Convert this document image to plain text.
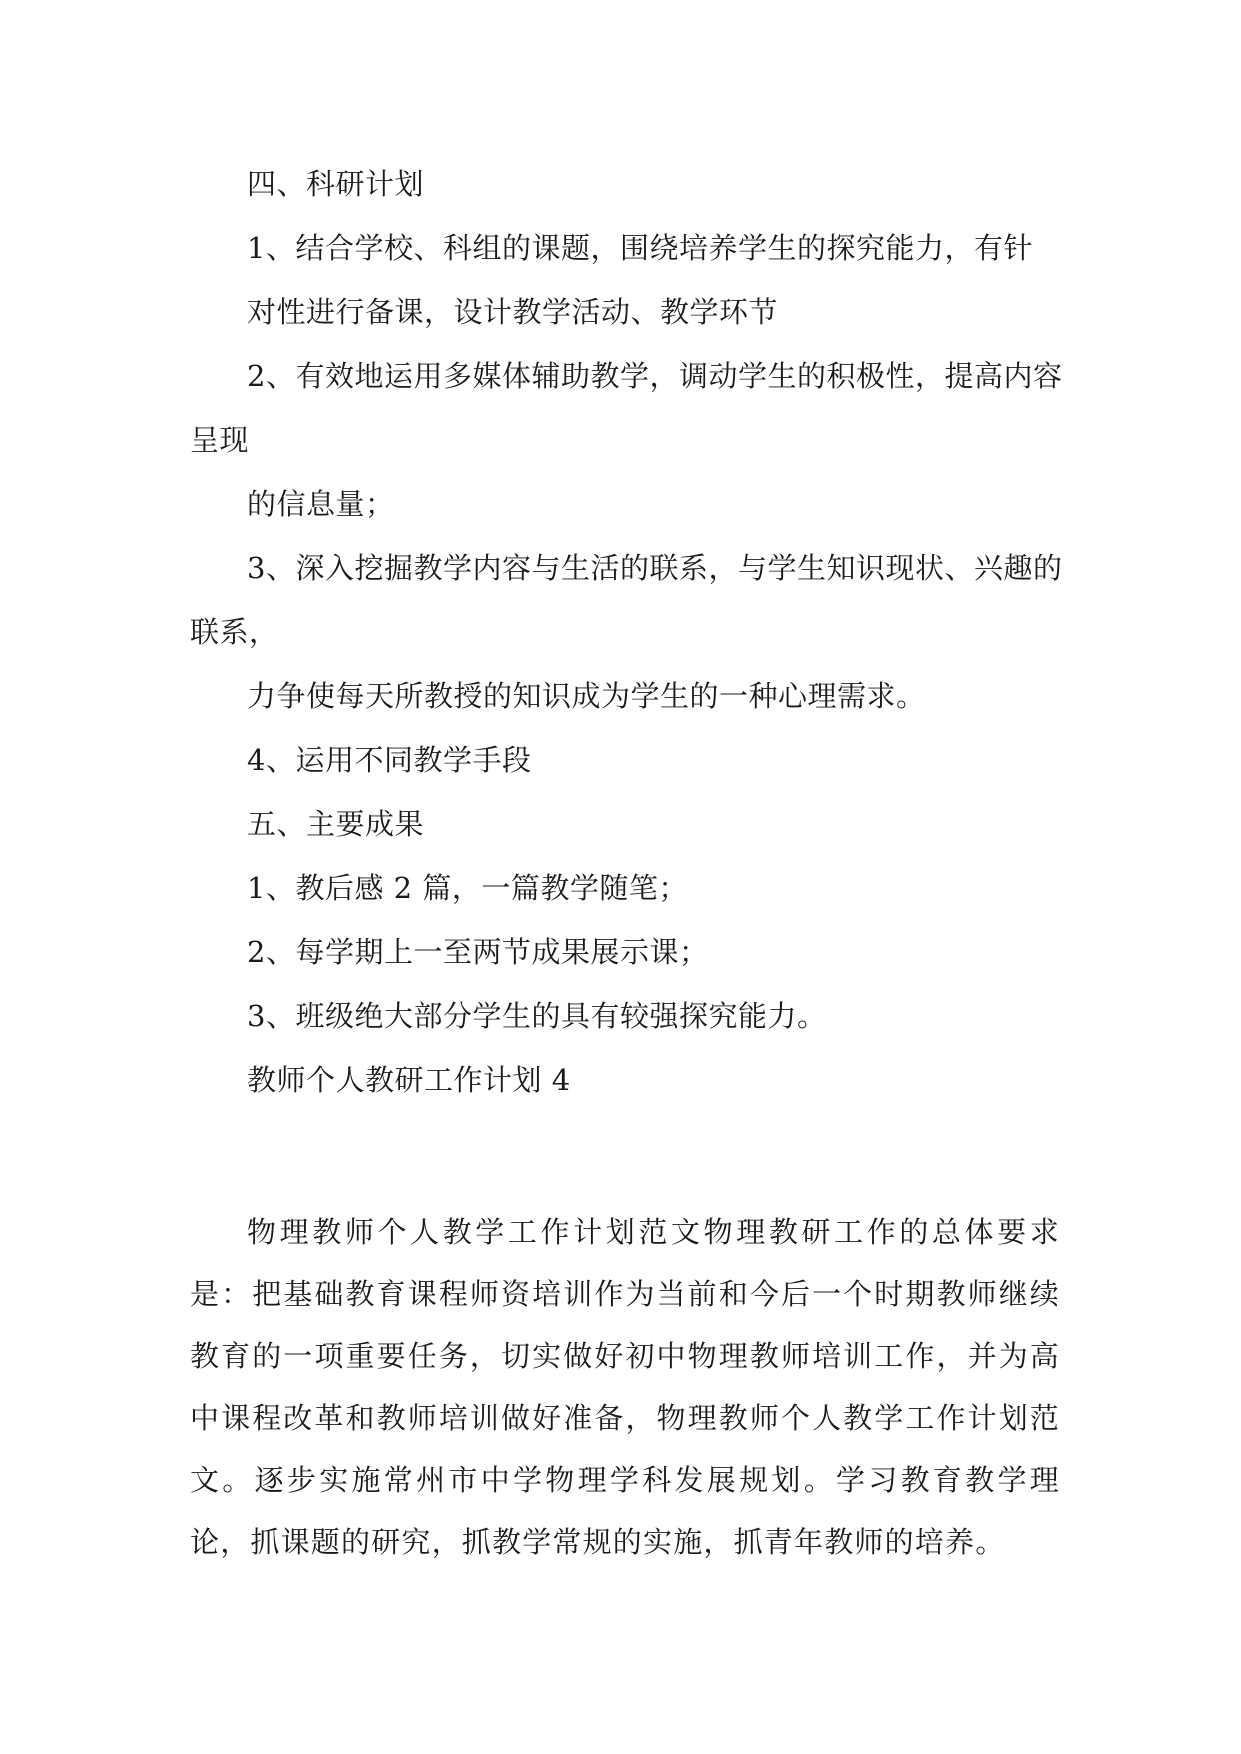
四、科研计划

1、结合学校、科组的课题，围绕培养学生的探究能力，有针

对性进行备课，设计教学活动、教学环节

2、有效地运用多媒体辅助教学，调动学生的积极性，提高内容

呈现

的信息量；

3、深入挖掘教学内容与生活的联系，与学生知识现状、兴趣的

联系，

力争使每天所教授的知识成为学生的一种心理需求。

4、运用不同教学手段

五、主要成果

1、教后感 2 篇，一篇教学随笔；

2、每学期上一至两节成果展示课；

3、班级绝大部分学生的具有较强探究能力。

教师个人教研工作计划 4

物理教师个人教学工作计划范文物理教研工作的总体要求是：把基础教育课程师资培训作为当前和今后一个时期教师继续教育的一项重要任务，切实做好初中物理教师培训工作，并为高中课程改革和教师培训做好准备，物理教师个人教学工作计划范文。逐步实施常州市中学物理学科发展规划。学习教育教学理论，抓课题的研究，抓教学常规的实施，抓青年教师的培养。
